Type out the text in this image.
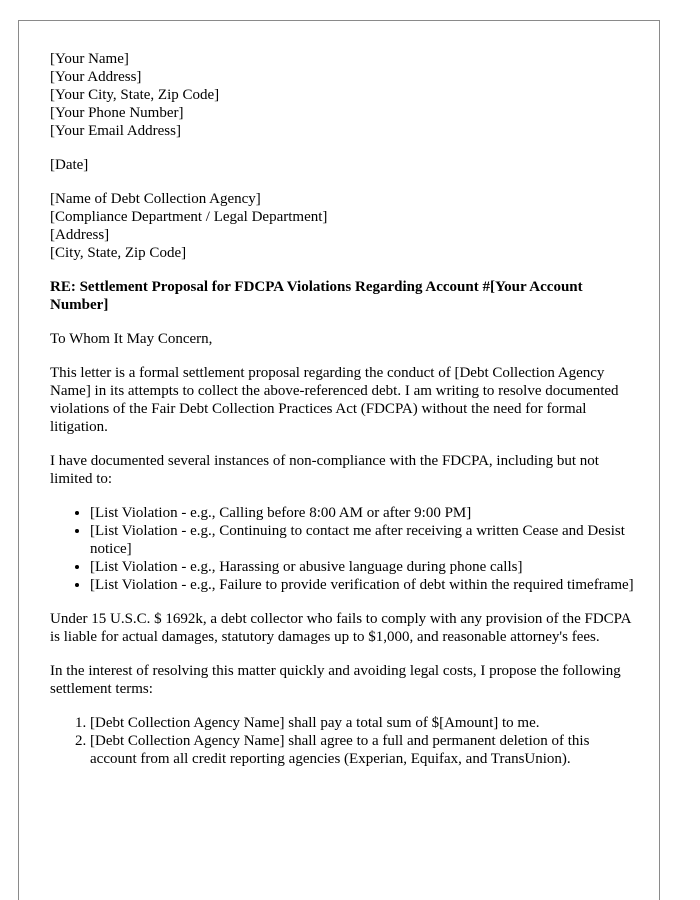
[Your Name]
[Your Address]
[Your City, State, Zip Code]
[Your Phone Number]
[Your Email Address]

[Date]

[Name of Debt Collection Agency]
[Compliance Department / Legal Department]
[Address]
[City, State, Zip Code]

RE: Settlement Proposal for FDCPA Violations Regarding Account #[Your Account Number]

To Whom It May Concern,

This letter is a formal settlement proposal regarding the conduct of [Debt Collection Agency Name] in its attempts to collect the above-referenced debt. I am writing to resolve documented violations of the Fair Debt Collection Practices Act (FDCPA) without the need for formal litigation.

I have documented several instances of non-compliance with the FDCPA, including but not limited to:

• [List Violation - e.g., Calling before 8:00 AM or after 9:00 PM]
• [List Violation - e.g., Continuing to contact me after receiving a written Cease and Desist notice]
• [List Violation - e.g., Harassing or abusive language during phone calls]
• [List Violation - e.g., Failure to provide verification of debt within the required timeframe]

Under 15 U.S.C. $ 1692k, a debt collector who fails to comply with any provision of the FDCPA is liable for actual damages, statutory damages up to $1,000, and reasonable attorney's fees.

In the interest of resolving this matter quickly and avoiding legal costs, I propose the following settlement terms:

1. [Debt Collection Agency Name] shall pay a total sum of $[Amount] to me.
2. [Debt Collection Agency Name] shall agree to a full and permanent deletion of this account from all credit reporting agencies (Experian, Equifax, and TransUnion).
